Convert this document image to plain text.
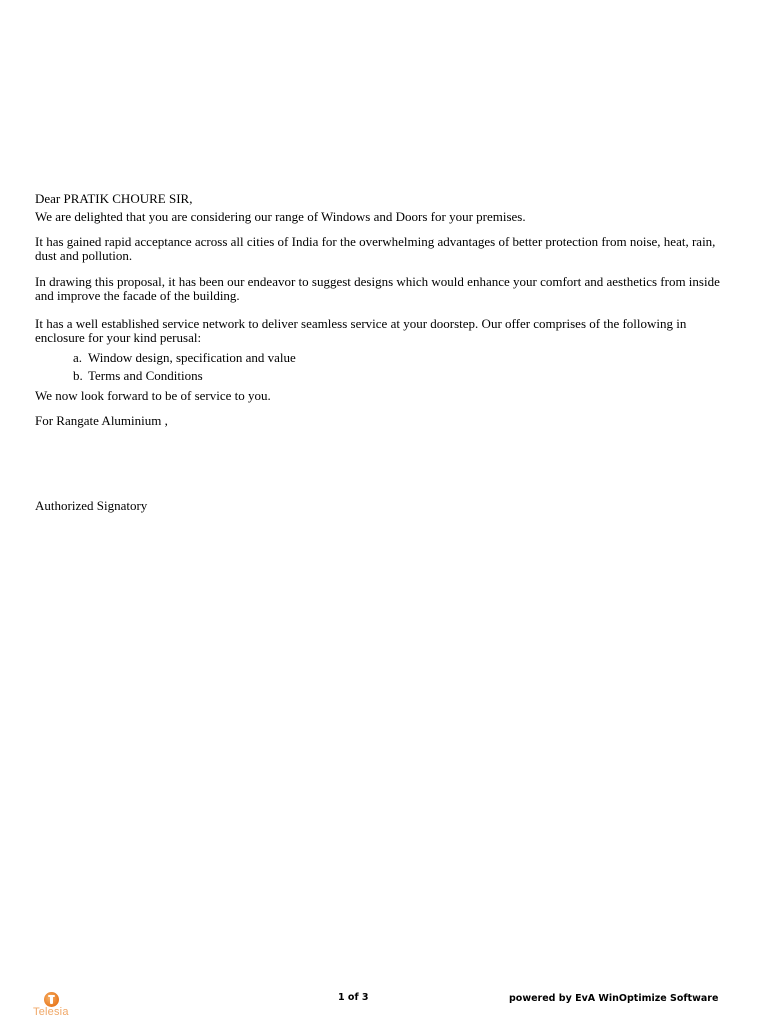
Dear PRATIK CHOURE SIR,

We are delighted that you are considering our range of Windows and Doors for your premises.

It has gained rapid acceptance across all cities of India for the overwhelming advantages of better protection from noise, heat, rain, dust and pollution.

In drawing this proposal, it has been our endeavor to suggest designs which would enhance your comfort and aesthetics from inside and improve the facade of the building.

It has a well established service network to deliver seamless service at your doorstep. Our offer comprises of the following in enclosure for your kind perusal:

a. Window design, specification and value
b. Terms and Conditions

We now look forward to be of service to you.

For Rangate Aluminium ,

Authorized Signatory

Telesia
1 of 3	powered by EvA WinOptimize Software
